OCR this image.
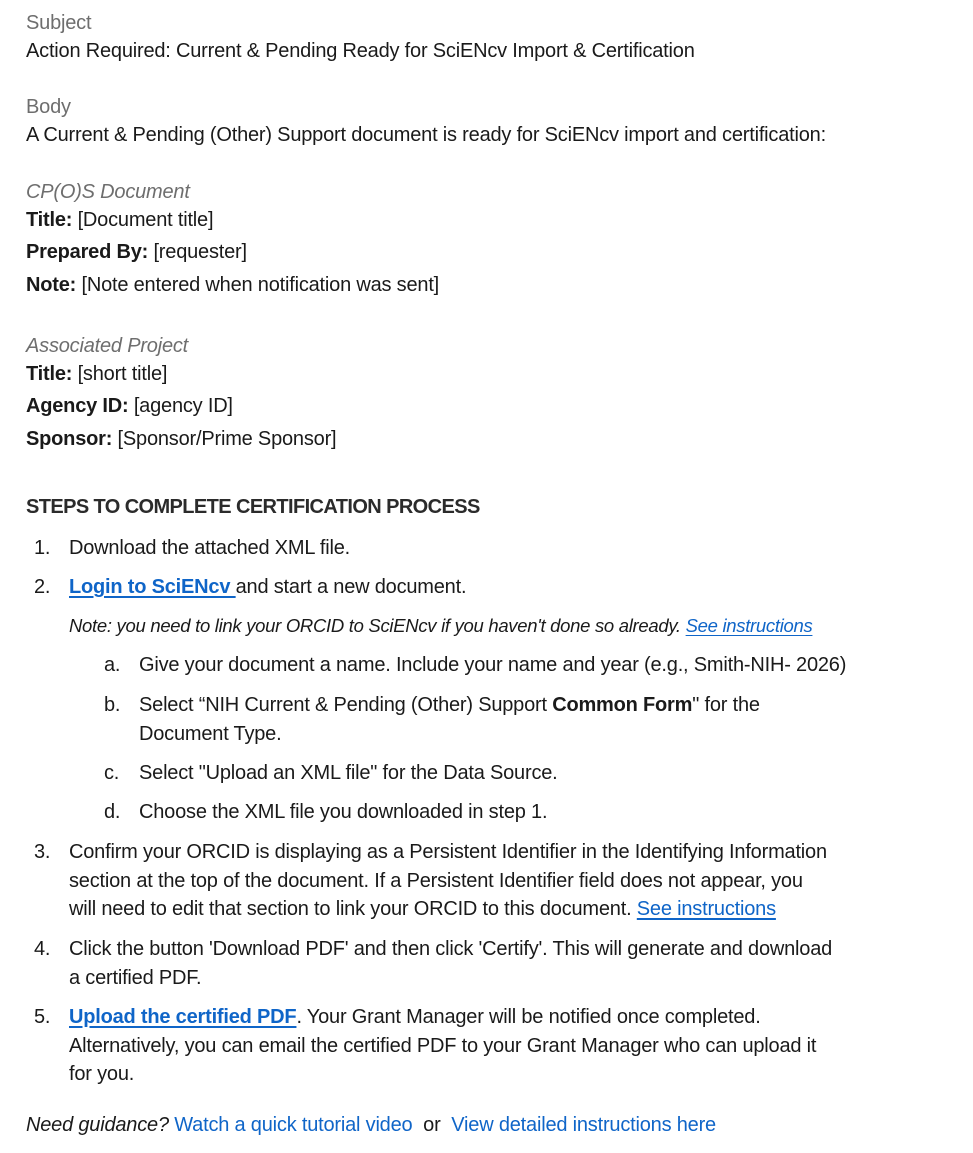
Subject
Action Required: Current & Pending Ready for SciENcv Import & Certification
Body
A Current & Pending (Other) Support document is ready for SciENcv import and certification:
CP(O)S Document
Title: [Document title]
Prepared By: [requester]
Note: [Note entered when notification was sent]
Associated Project
Title: [short title]
Agency ID: [agency ID]
Sponsor: [Sponsor/Prime Sponsor]
STEPS TO COMPLETE CERTIFICATION PROCESS
1. Download the attached XML file.
2. Login to SciENcv and start a new document.
Note: you need to link your ORCID to SciENcv if you haven't done so already. See instructions
a. Give your document a name. Include your name and year (e.g., Smith-NIH- 2026)
b. Select “NIH Current & Pending (Other) Support Common Form" for the
Document Type.
c. Select "Upload an XML file" for the Data Source.
d. Choose the XML file you downloaded in step 1.
3. Confirm your ORCID is displaying as a Persistent Identifier in the Identifying Information
section at the top of the document. If a Persistent Identifier field does not appear, you
will need to edit that section to link your ORCID to this document. See instructions
4. Click the button 'Download PDF' and then click 'Certify'. This will generate and download
a certified PDF.
5. Upload the certified PDF. Your Grant Manager will be notified once completed.
Alternatively, you can email the certified PDF to your Grant Manager who can upload it
for you.
Need guidance? Watch a quick tutorial video or View detailed instructions here
